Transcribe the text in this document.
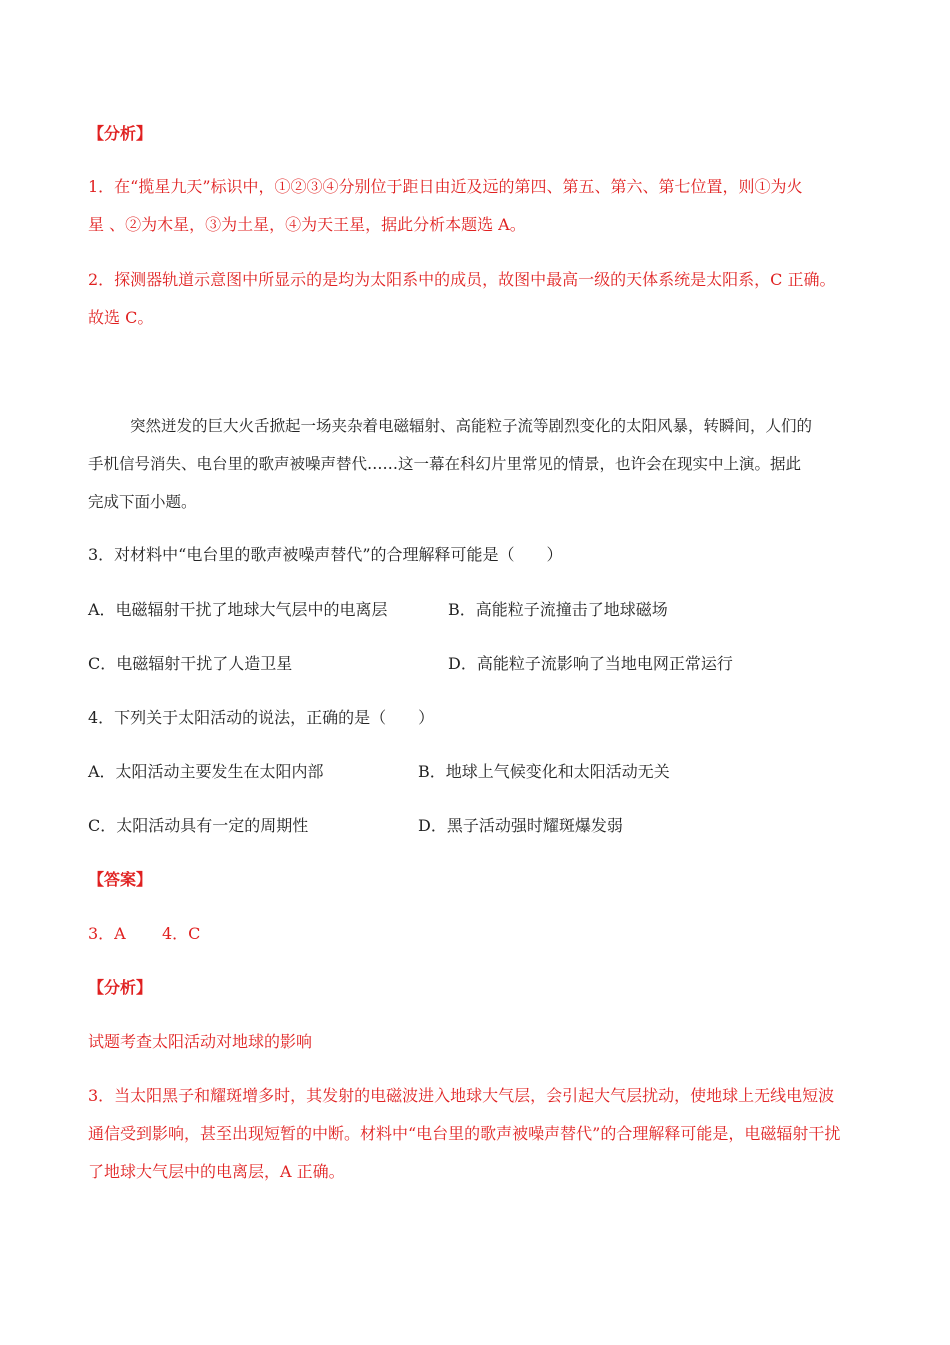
【分析】
1．在“揽星九天”标识中，①②③④分别位于距日由近及远的第四、第五、第六、第七位置，则①为火
星 、②为木星，③为土星，④为天王星，据此分析本题选 A。
2．探测器轨道示意图中所显示的是均为太阳系中的成员，故图中最高一级的天体系统是太阳系，C 正确。
故选 C。
突然迸发的巨大火舌掀起一场夹杂着电磁辐射、高能粒子流等剧烈变化的太阳风暴，转瞬间，人们的
手机信号消失、电台里的歌声被噪声替代……这一幕在科幻片里常见的情景，也许会在现实中上演。据此
完成下面小题。
3．对材料中“电台里的歌声被噪声替代”的合理解释可能是（　　）
A．电磁辐射干扰了地球大气层中的电离层	B．高能粒子流撞击了地球磁场
C．电磁辐射干扰了人造卫星	D．高能粒子流影响了当地电网正常运行
4．下列关于太阳活动的说法，正确的是（　　）
A．太阳活动主要发生在太阳内部	B．地球上气候变化和太阳活动无关
C．太阳活动具有一定的周期性	D．黑子活动强时耀斑爆发弱
【答案】
3．A 4．C
【分析】
试题考查太阳活动对地球的影响
3．当太阳黑子和耀斑增多时，其发射的电磁波进入地球大气层，会引起大气层扰动，使地球上无线电短波
通信受到影响，甚至出现短暂的中断。材料中“电台里的歌声被噪声替代”的合理解释可能是，电磁辐射干扰
了地球大气层中的电离层，A 正确。
